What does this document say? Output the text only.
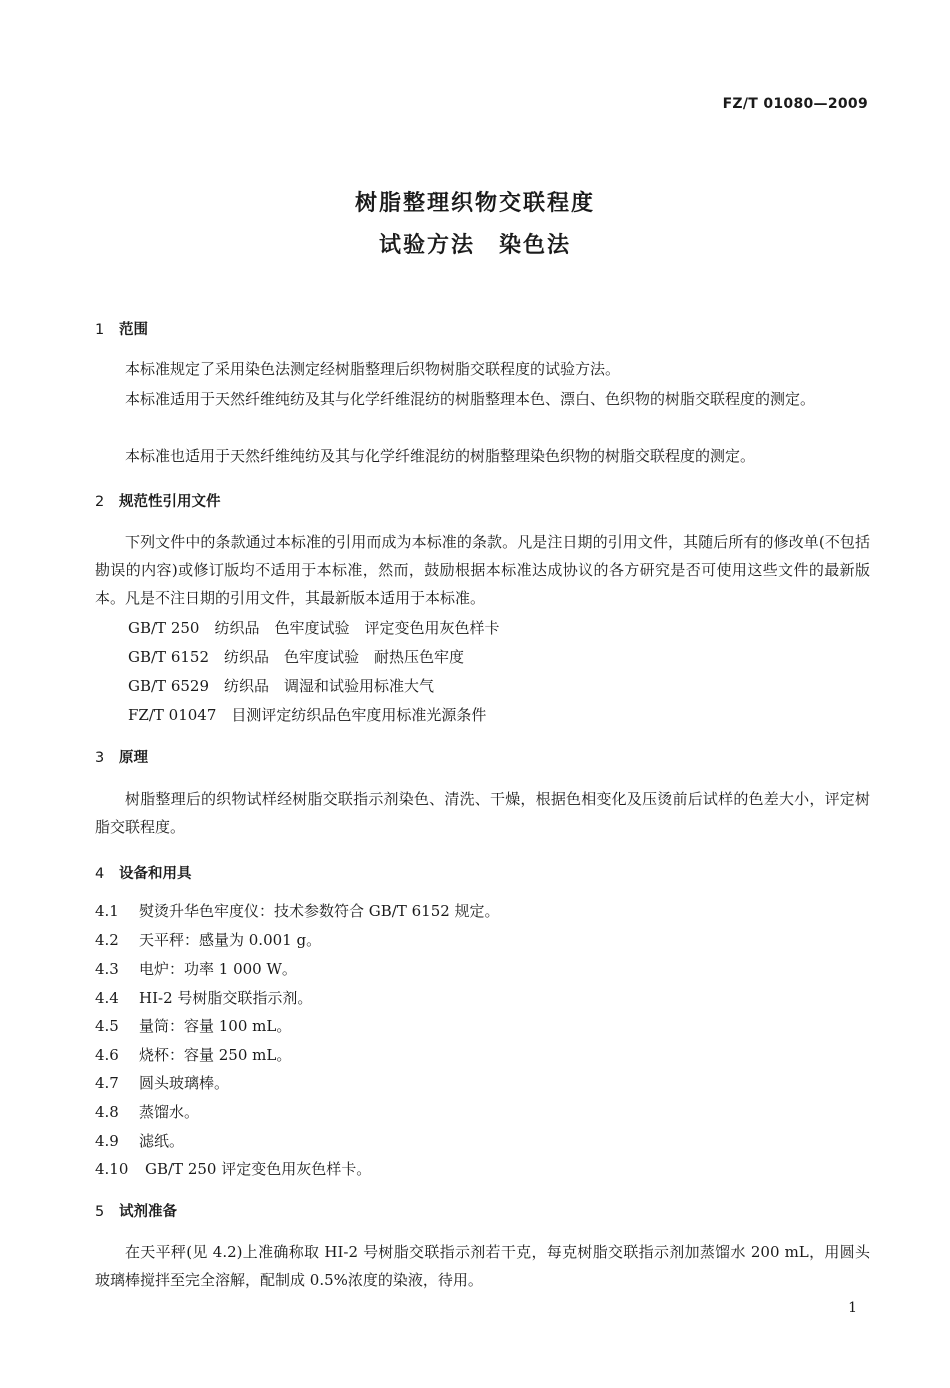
FZ/T 01080—2009
树脂整理织物交联程度
试验方法　染色法
1 范围
本标准规定了采用染色法测定经树脂整理后织物树脂交联程度的试验方法。
本标准适用于天然纤维纯纺及其与化学纤维混纺的树脂整理本色、漂白、色织物的树脂交联程度的测定。
本标准也适用于天然纤维纯纺及其与化学纤维混纺的树脂整理染色织物的树脂交联程度的测定。
2 规范性引用文件
下列文件中的条款通过本标准的引用而成为本标准的条款。凡是注日期的引用文件，其随后所有的修改单(不包括勘误的内容)或修订版均不适用于本标准，然而，鼓励根据本标准达成协议的各方研究是否可使用这些文件的最新版本。凡是不注日期的引用文件，其最新版本适用于本标准。
GB/T 250　纺织品　色牢度试验　评定变色用灰色样卡
GB/T 6152　纺织品　色牢度试验　耐热压色牢度
GB/T 6529　纺织品　调湿和试验用标准大气
FZ/T 01047　目测评定纺织品色牢度用标准光源条件
3 原理
树脂整理后的织物试样经树脂交联指示剂染色、清洗、干燥，根据色相变化及压烫前后试样的色差大小，评定树脂交联程度。
4 设备和用具
4.1 熨烫升华色牢度仪：技术参数符合 GB/T 6152 规定。
4.2 天平秤：感量为 0.001 g。
4.3 电炉：功率 1 000 W。
4.4 HI-2 号树脂交联指示剂。
4.5 量筒：容量 100 mL。
4.6 烧杯：容量 250 mL。
4.7 圆头玻璃棒。
4.8 蒸馏水。
4.9 滤纸。
4.10 GB/T 250 评定变色用灰色样卡。
5 试剂准备
在天平秤(见 4.2)上准确称取 HI-2 号树脂交联指示剂若干克，每克树脂交联指示剂加蒸馏水 200 mL，用圆头玻璃棒搅拌至完全溶解，配制成 0.5%浓度的染液，待用。
1
